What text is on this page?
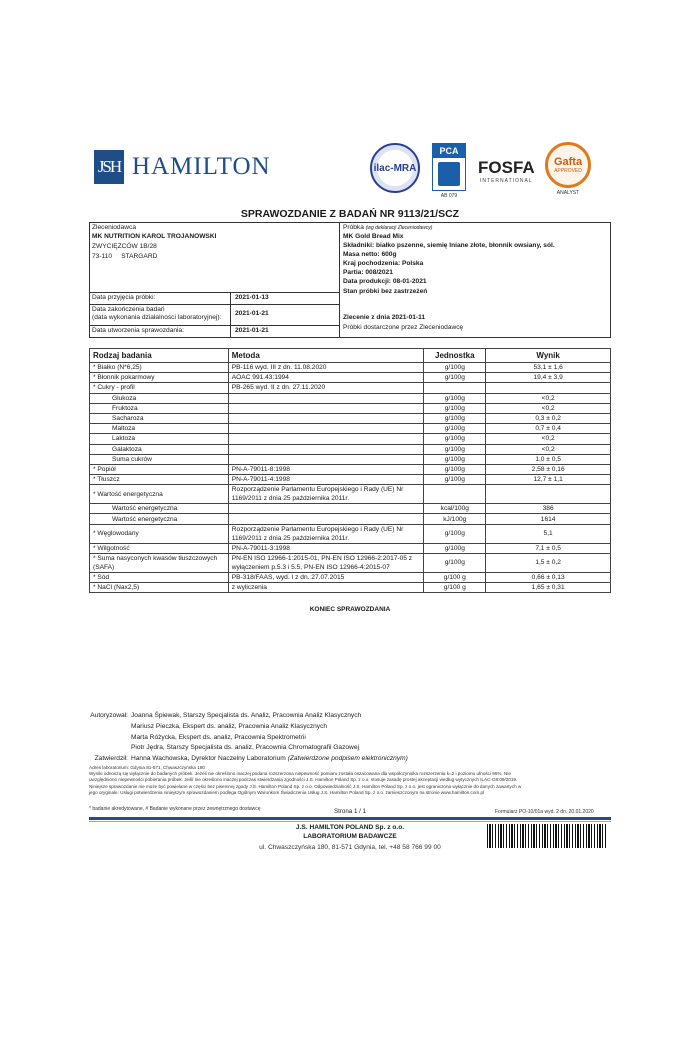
JSH HAMILTON	ilac-MRA
PCA
AB 079
FOSFA
INTERNATIONAL
Gafta
APPROVED
ANALYST
SPRAWOZDANIE Z BADAŃ NR 9113/21/SCZ
Zleceniodawca
MK NUTRITION KAROL TROJANOWSKI
ZWYCIĘZCÓW 1B/28
73-110     STARGARD
Data przyjęcia próbki:	2021-01-13
Data zakończenia badań
(data wykonania działalności laboratoryjnej):
2021-01-21
Data utworzenia sprawozdania:	2021-01-21
Próbka (wg deklaracji Zleceniodawcy)
MK Gold Bread Mix
Składniki: białko pszenne, siemię lniane złote, błonnik owsiany, sól.
Masa netto: 600g
Kraj pochodzenia: Polska
Partia: 008/2021
Data produkcji: 08-01-2021
Stan próbki bez zastrzeżeń
Zlecenie z dnia 2021-01-11
Próbki dostarczone przez Zleceniodawcę
Rodzaj badania	Metoda	Jednostka	Wynik
* Białko (N*6,25)	PB-116 wyd. III z dn. 11.08.2020	g/100g	53,1 ± 1,6
* Błonnik pokarmowy	AOAC 991.43:1994	g/100g	19,4 ± 3,9
* Cukry - profil	PB-265 wyd. II z dn. 27.11.2020		
Glukoza		g/100g	<0,2
Fruktoza		g/100g	<0,2
Sacharoza		g/100g	0,3 ± 0,2
Maltoza		g/100g	0,7 ± 0,4
Laktoza		g/100g	<0,2
Galaktoza		g/100g	<0,2
Suma cukrów		g/100g	1,0 ± 0,5
* Popiół	PN-A-79011-8:1998	g/100g	2,58 ± 0,16
* Tłuszcz	PN-A-79011-4:1998	g/100g	12,7 ± 1,1
* Wartość energetyczna	Rozporządzenie Parlamentu Europejskiego i Rady (UE) Nr 1169/2011 z dnia 25 października 2011r.		
Wartość energetyczna		kcal/100g	386
Wartość energetyczna		kJ/100g	1614
* Węglowodany	Rozporządzenie Parlamentu Europejskiego i Rady (UE) Nr 1169/2011 z dnia 25 października 2011r.	g/100g	5,1
* Wilgotność	PN-A-79011-3:1998	g/100g	7,1 ± 0,5
* Suma nasyconych kwasów tłuszczowych (SAFA)	PN-EN ISO 12966-1:2015-01, PN-EN ISO 12966-2:2017-05 z wyłączeniem p.5.3 i 5.5, PN-EN ISO 12966-4:2015-07	g/100g	1,5 ± 0,2
* Sód	PB-318/FAAS, wyd. I z dn. 27.07.2015	g/100 g	0,66 ± 0,13
* NaCl (Nax2,5)	z wyliczenia	g/100 g	1,65 ± 0,31
KONIEC SPRAWOZDANIA
Autoryzował: Joanna Śpiewak, Starszy Specjalista ds. Analiz, Pracownia Analiz Klasycznych
Mariusz Pieczka, Ekspert ds. analiz, Pracownia Analiz Klasycznych
Marta Różycka, Ekspert ds. analiz, Pracownia Spektrometrii
Piotr Jędra, Starszy Specjalista ds. analiz, Pracownia Chromatografii Gazowej
Zatwierdził: Hanna Wachowska, Dyrektor Naczelny Laboratorium (Zatwierdzone podpisem elektronicznym)
Adres laboratorium: Gdynia 81-571, Chwaszczyńska 180
Wyniki odnoszą się wyłącznie do badanych próbek. Jeżeli nie określono inaczej podana rozszerzona niepewność pomiaru została oszacowana dla współczynnika rozszerzenia k=2 i poziomu ufności 95%. Nie
uwzględniono niepewności pobierania próbek. Jeśli nie określono inaczej podczas stwierdzania zgodności J.S. Hamilton Poland Sp. z o.o. stosuje zasadę prostej akceptacji według wytycznych ILAC-G8:09/2019.
Niniejsze sprawozdanie nie może być powielane w części bez pisemnej zgody J.S. Hamilton Poland Sp. z o.o. Odpowiedzialność J.S. Hamilton Poland Sp. z o.o. jest ograniczona wyłącznie do danych zawartych w
jego oryginale. Usługi potwierdzenia niniejszym sprawozdaniem podlega Ogólnym Warunkom Świadczenia Usług J.S. Hamilton Poland Sp. z o.o. zamieszczonym na stronie www.hamilton.com.pl
* badanie akredytowane, # Badanie wykonane przez zewnętrznego dostawcę	Strona 1 / 1	Formularz PO-10/01a wyd. 2 dn. 20.01.2020
J.S. HAMILTON POLAND Sp. z o.o.
LABORATORIUM BADAWCZE
ul. Chwaszczyńska 180, 81-571 Gdynia, tel. +48 58 766 99 00
